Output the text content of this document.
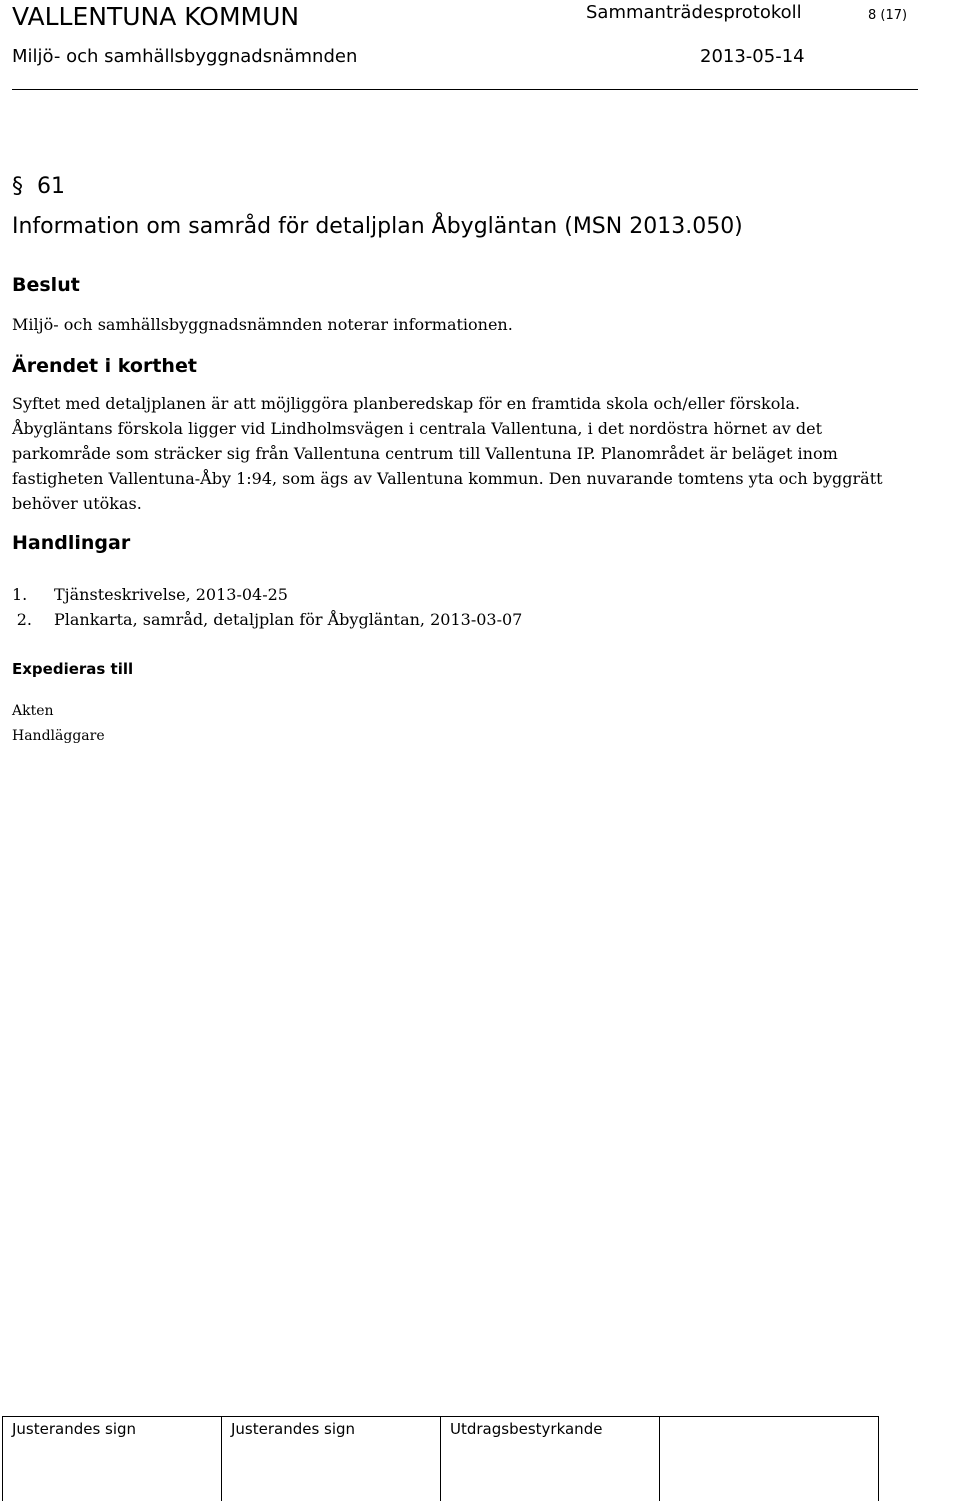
VALLENTUNA KOMMUN	Sammanträdesprotokoll	8 (17)
Miljö- och samhällsbyggnadsnämnden	2013-05-14
§ 61
Information om samråd för detaljplan Åbygläntan (MSN 2013.050)
Beslut
Miljö- och samhällsbyggnadsnämnden noterar informationen.
Ärendet i korthet

Syftet med detaljplanen är att möjliggöra planberedskap för en framtida skola och/eller förskola.

Åbygläntans förskola ligger vid Lindholmsvägen i centrala Vallentuna, i det nordöstra hörnet av det parkområde som sträcker sig från Vallentuna centrum till Vallentuna IP. Planområdet är beläget inom fastigheten Vallentuna-Åby 1:94, som ägs av Vallentuna kommun. Den nuvarande tomtens yta och byggrätt behöver utökas.

Handlingar
1.	Tjänsteskrivelse, 2013-04-25
2.	Plankarta, samråd, detaljplan för Åbygläntan, 2013-03-07
Expedieras till
Akten
Handläggare
Justerandes sign	Justerandes sign	Utdragsbestyrkande	
